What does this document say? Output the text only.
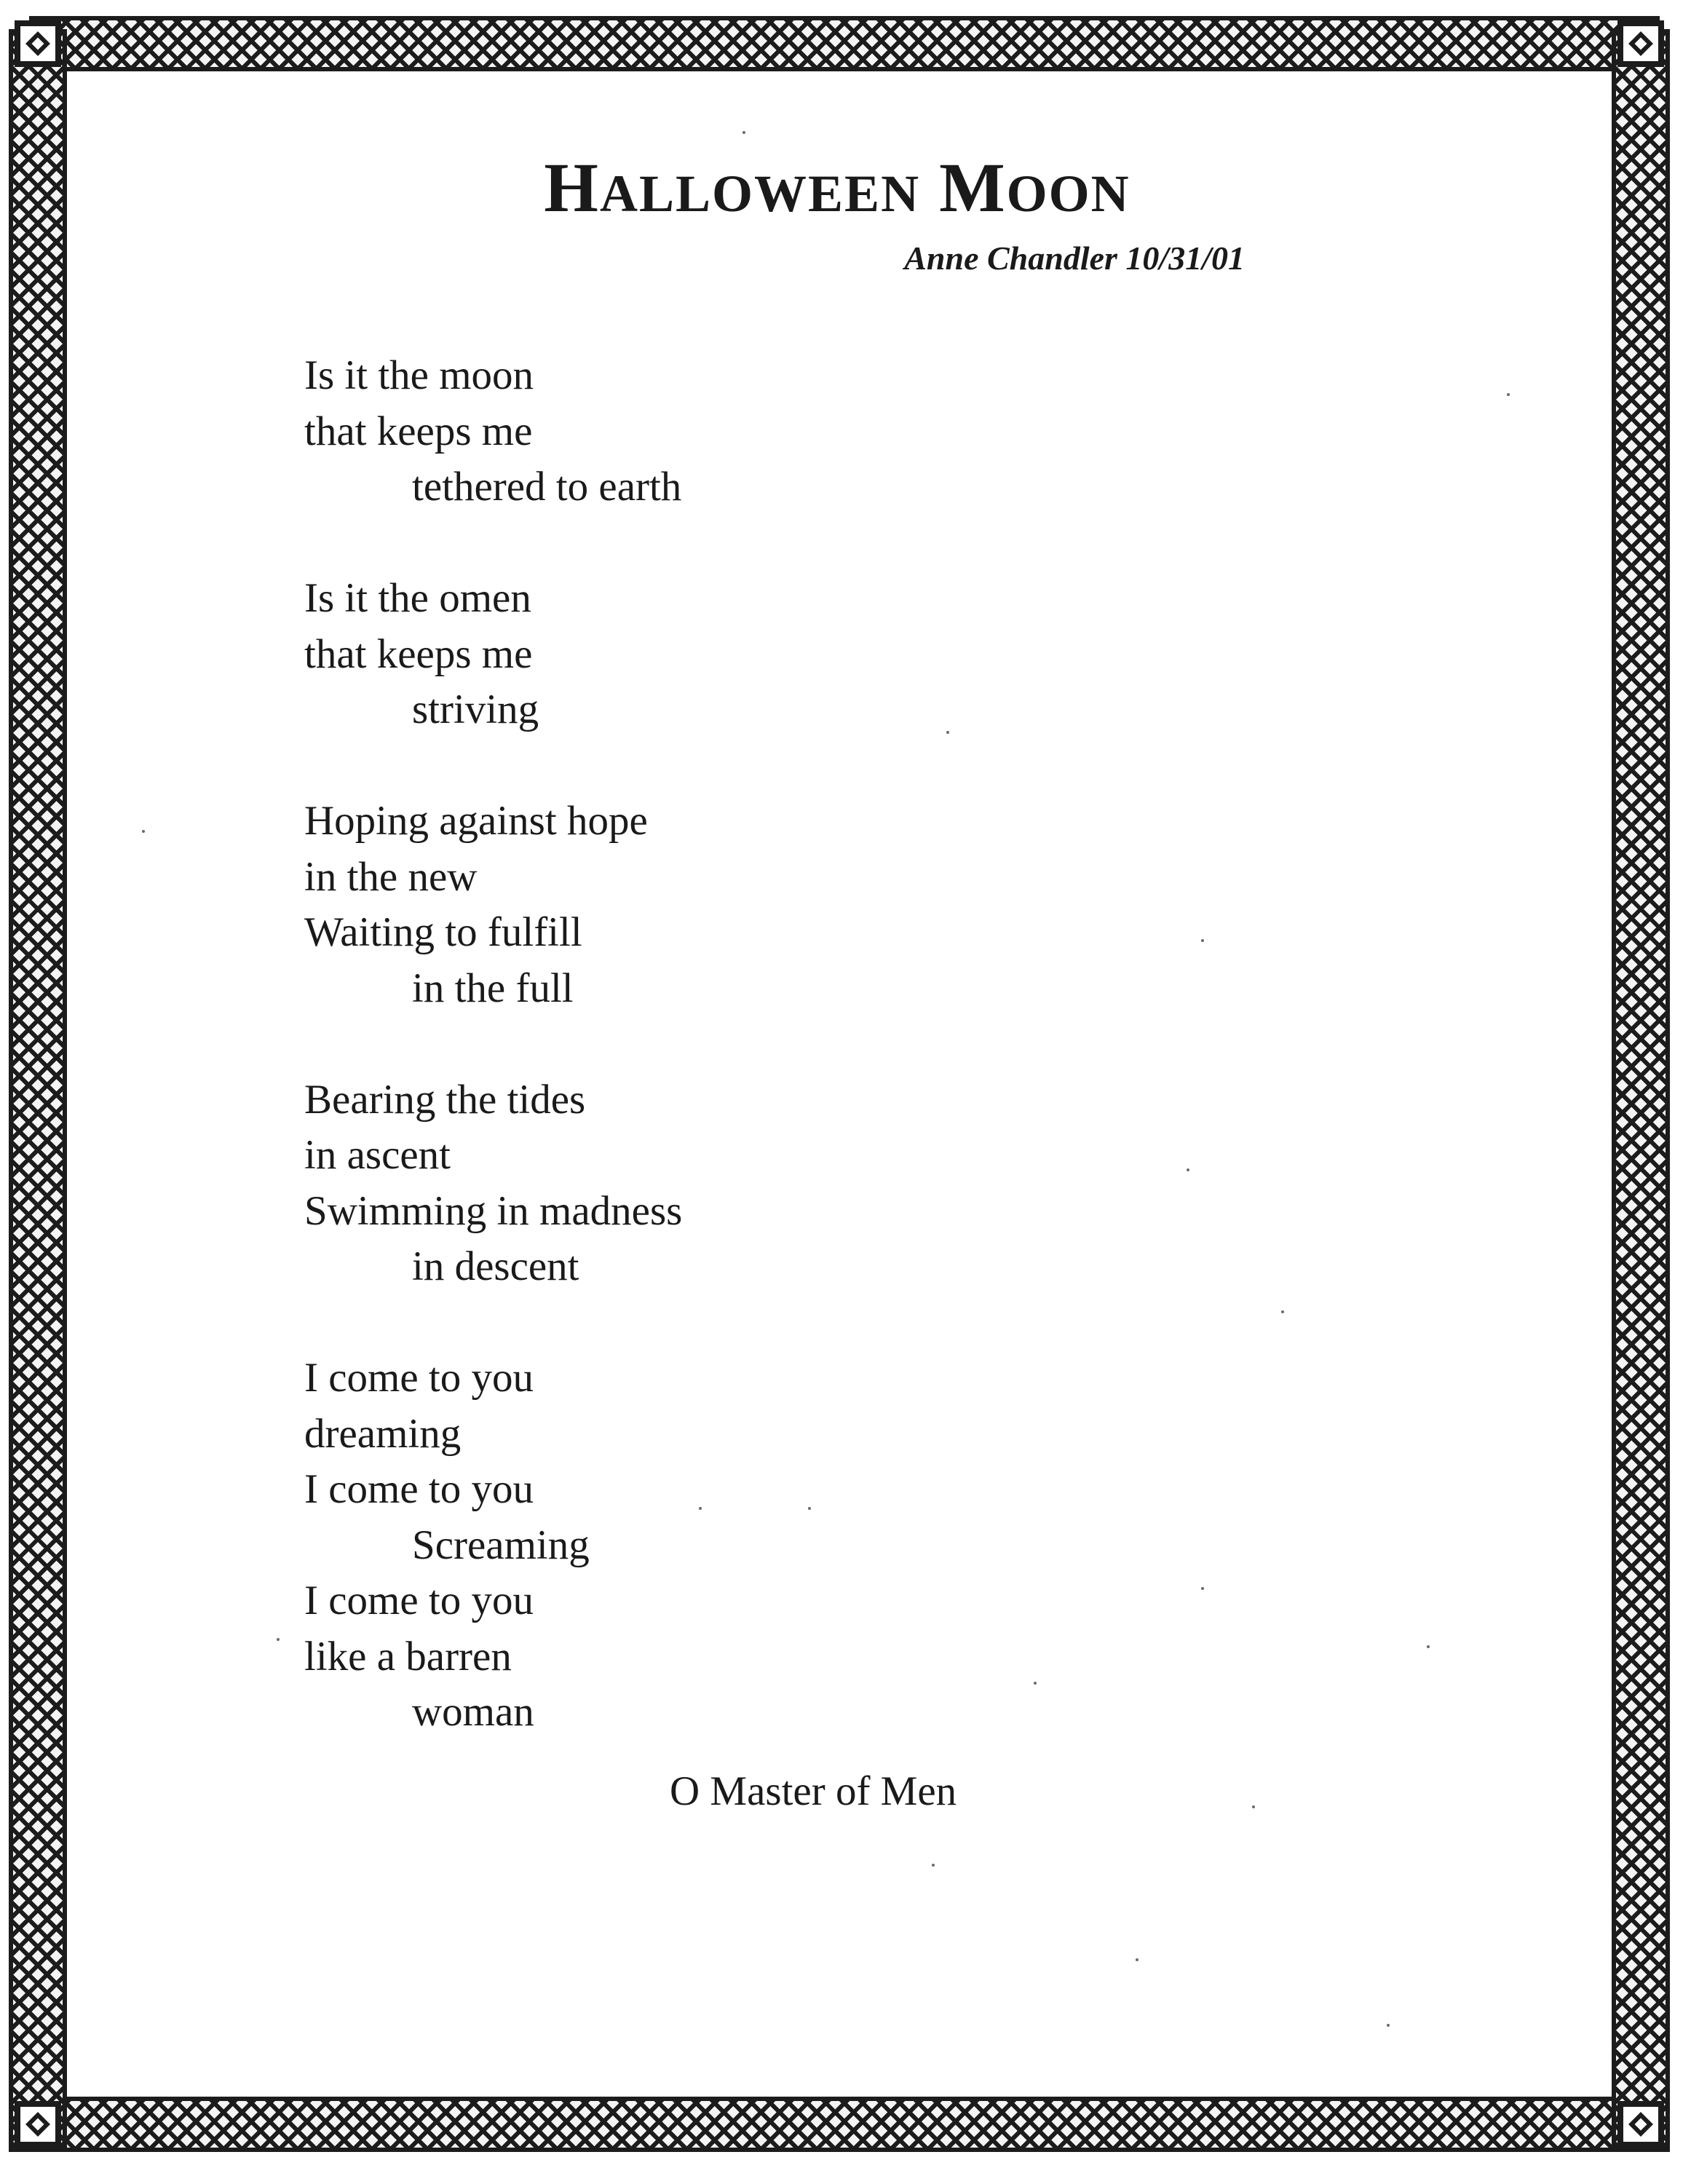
HALLOWEEN MOON
Anne Chandler 10/31/01
Is it the moon
that keeps me
tethered to earth
Is it the omen
that keeps me
striving
Hoping against hope
in the new
Waiting to fulfill
in the full
Bearing the tides
in ascent
Swimming in madness
in descent
I come to you
dreaming
I come to you
Screaming
I come to you
like a barren
woman
O Master of Men
